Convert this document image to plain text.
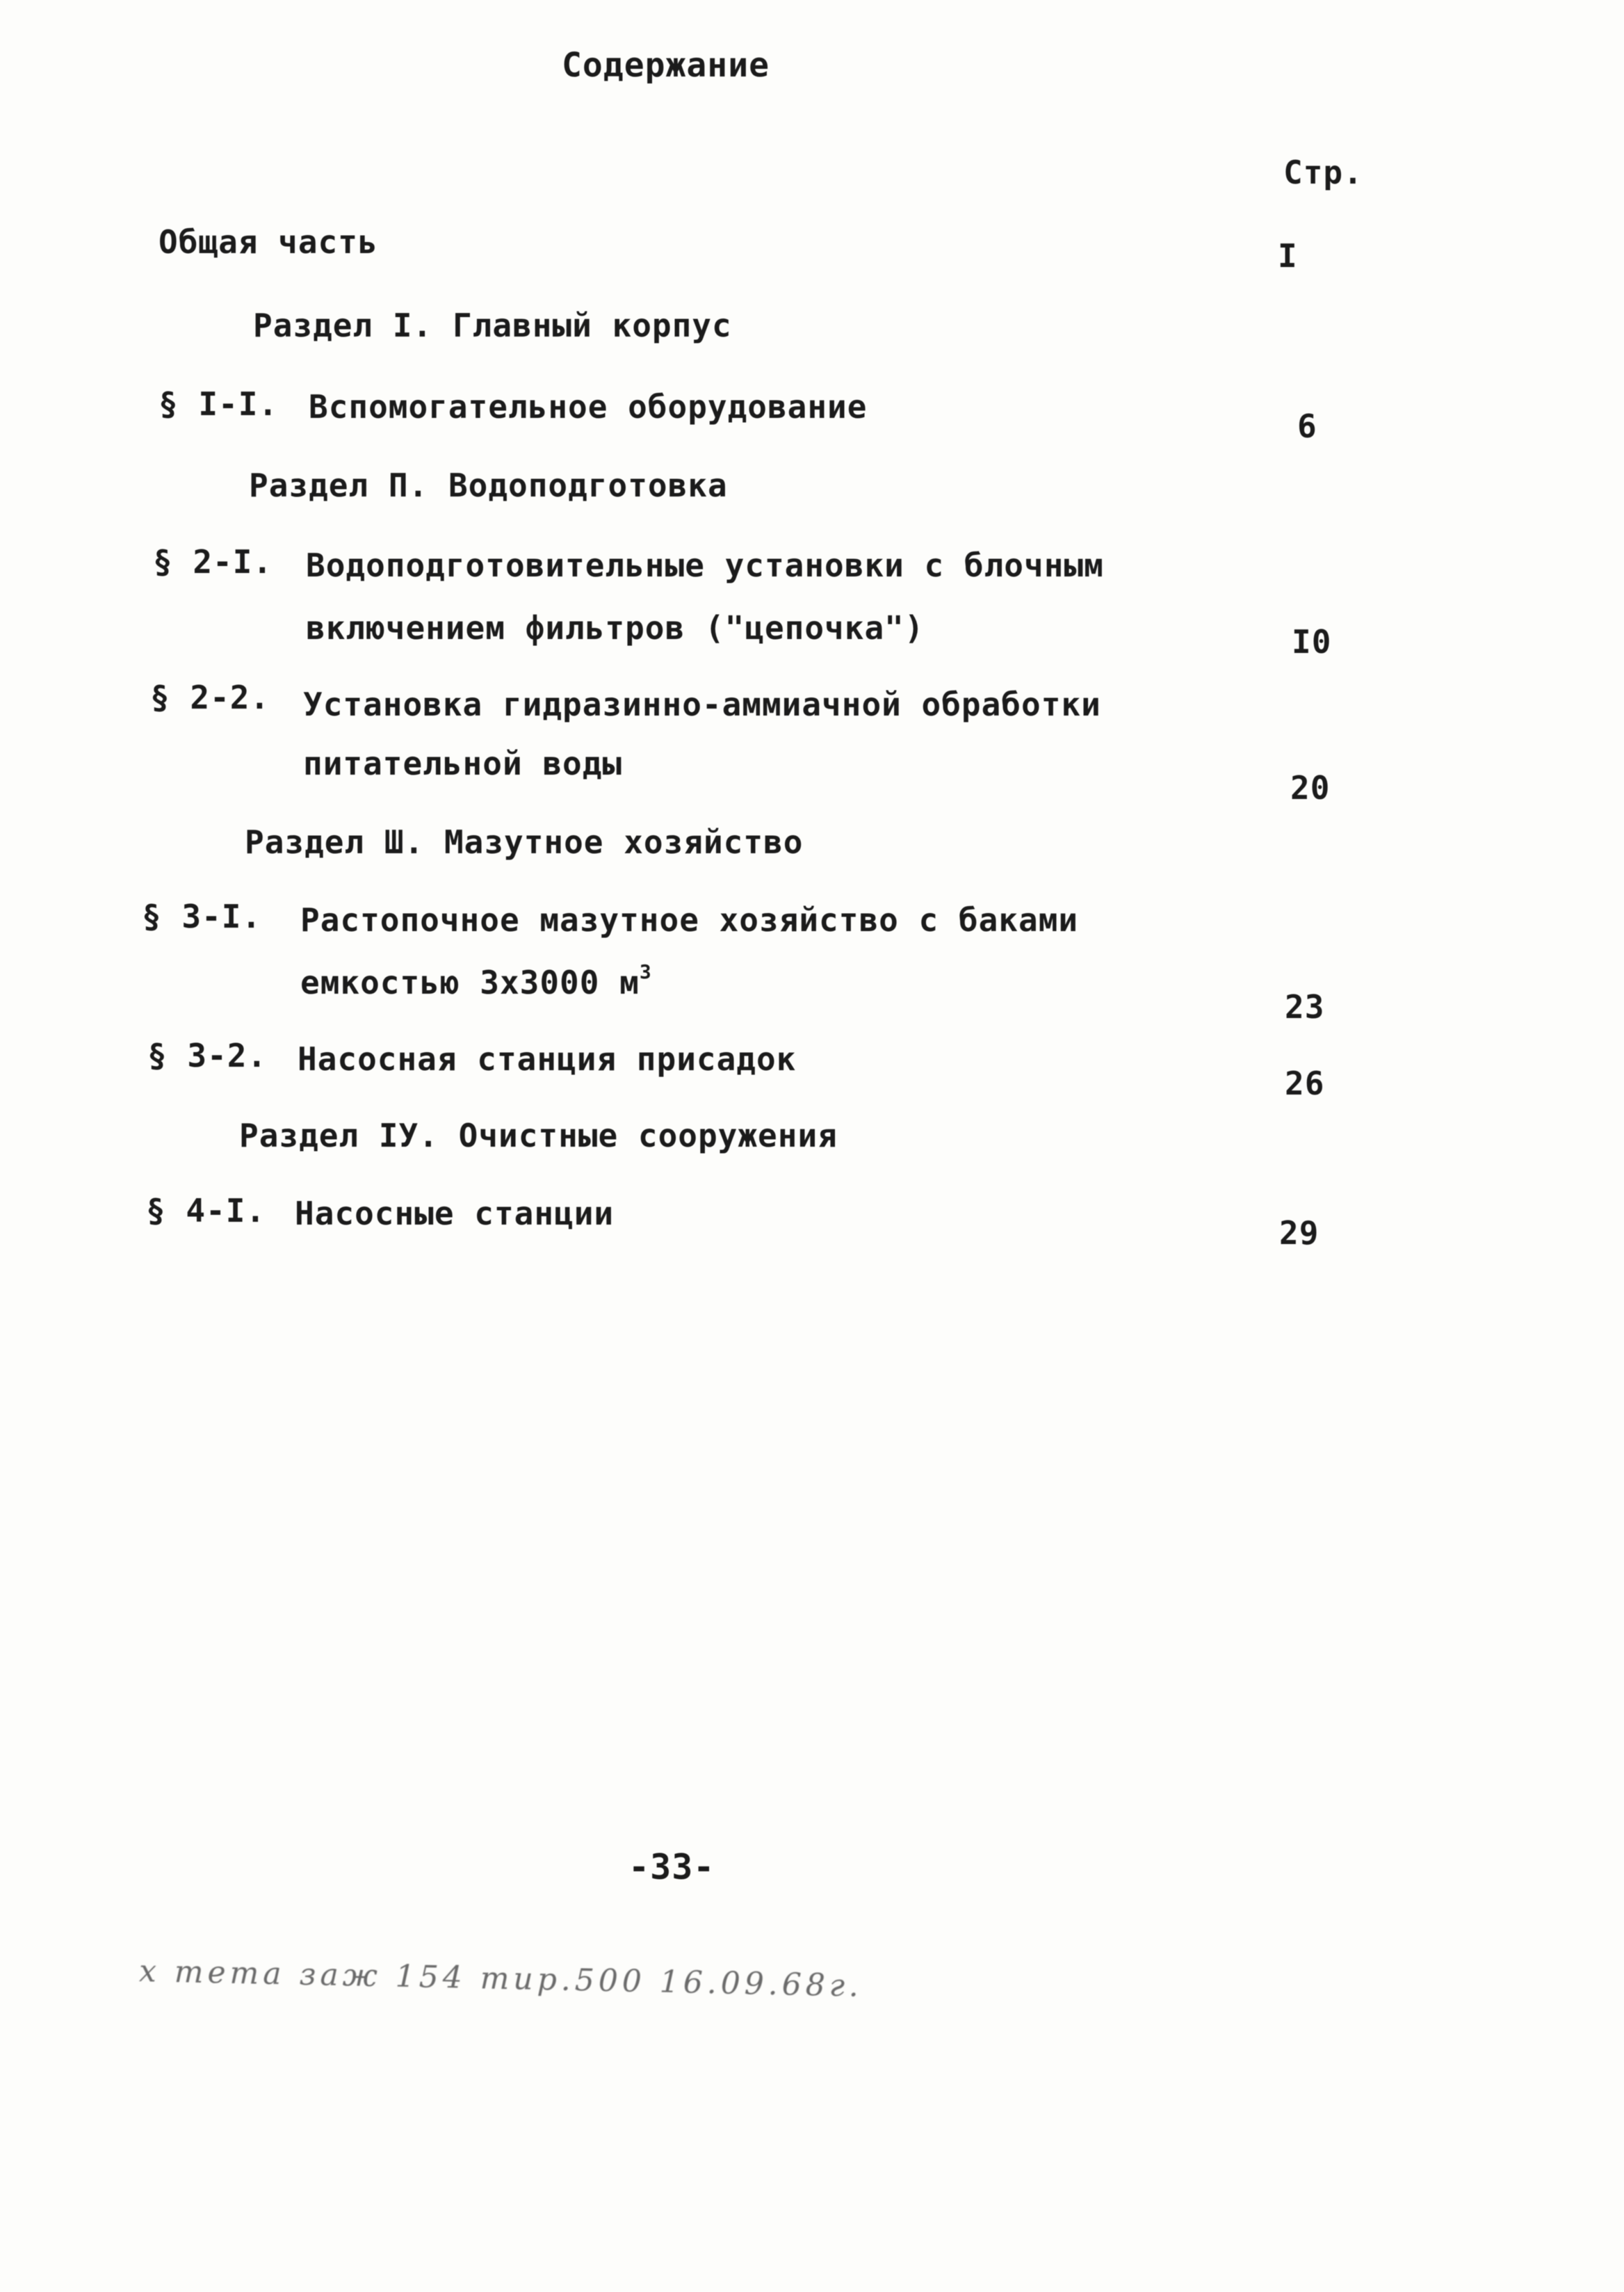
Содержание
Стр.
Общая часть	I
Раздел I. Главный корпус
§ I-I. Вспомогательное оборудование
6
Раздел П. Водоподготовка
§ 2-I. Водоподготовительные установки с блочным
включением фильтров ("цепочка")	I0
§ 2-2. Установка гидразинно-аммиачной обработки
питательной воды
20
Раздел Ш. Мазутное хозяйство
§ 3-I. Растопочное мазутное хозяйство с баками
емкостью 3х3000 $м^3$
23
§ 3-2. Насосная станция присадок
26
Раздел IУ. Очистные сооружения
§ 4-I. Насосные станции
29
-33-
х тета заж 154 тир.500 16.09.68г.
